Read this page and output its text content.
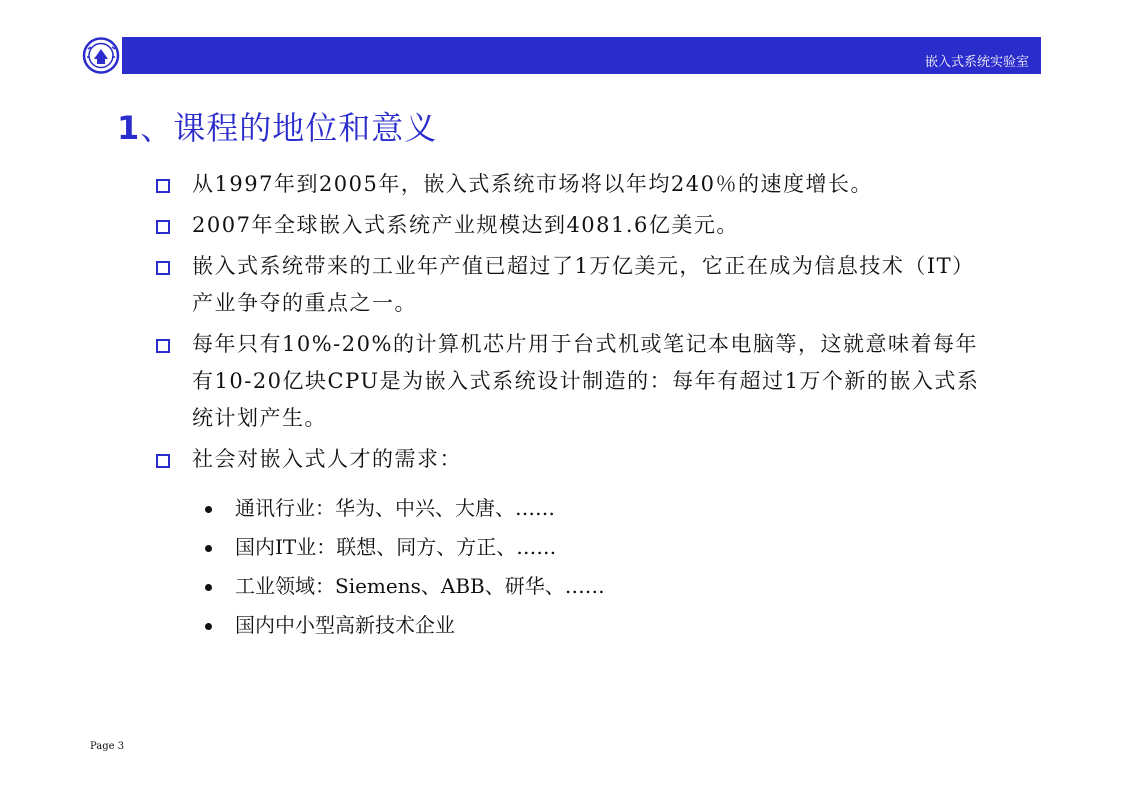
嵌入式系统实验室
1、课程的地位和意义
从1997年到2005年，嵌入式系统市场将以年均240％的速度增长。
2007年全球嵌入式系统产业规模达到4081.6亿美元。
嵌入式系统带来的工业年产值已超过了1万亿美元，它正在成为信息技术（IT）产业争夺的重点之一。
每年只有10%-20%的计算机芯片用于台式机或笔记本电脑等，这就意味着每年有10-20亿块CPU是为嵌入式系统设计制造的：每年有超过1万个新的嵌入式系统计划产生。
社会对嵌入式人才的需求：
通讯行业：华为、中兴、大唐、……
国内IT业：联想、同方、方正、……
工业领域：Siemens、ABB、研华、……
国内中小型高新技术企业
Page 3
